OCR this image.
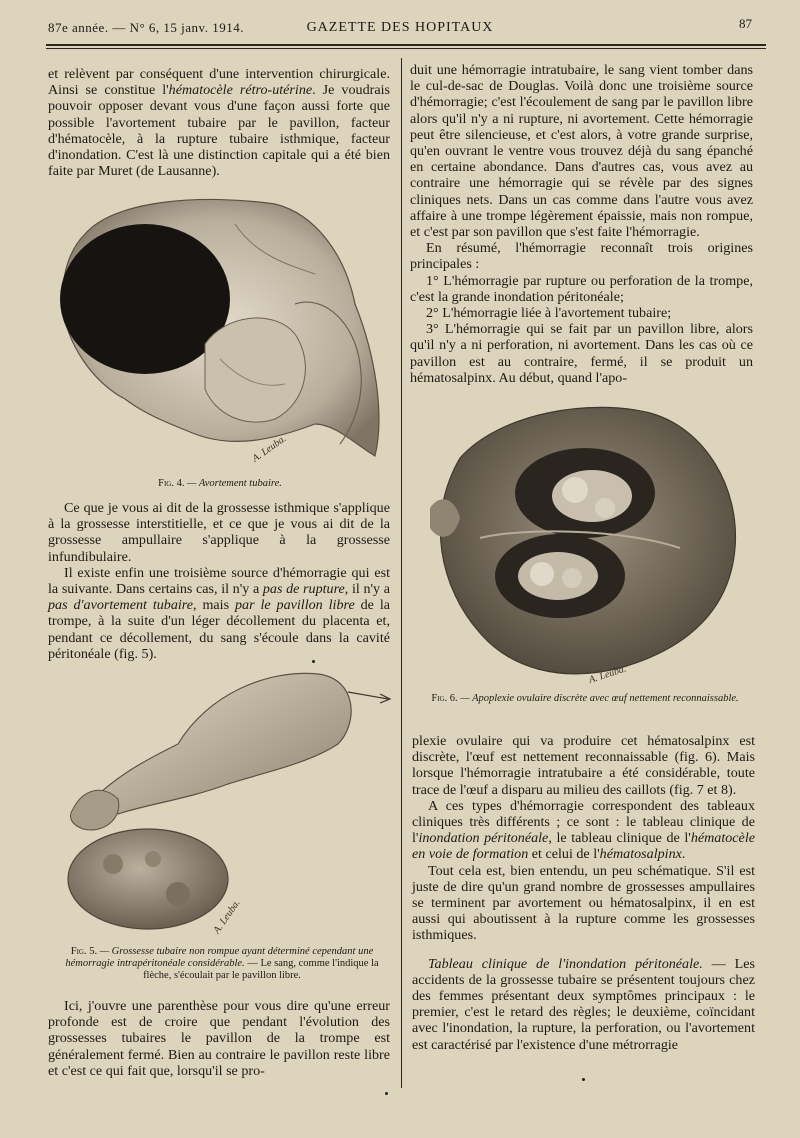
87e année. — N° 6, 15 janv. 1914.	GAZETTE DES HOPITAUX	87

et relèvent par conséquent d'une intervention chirurgicale. Ainsi se constitue l'hématocèle rétro-utérine. Je voudrais pouvoir opposer devant vous d'une façon aussi forte que possible l'avortement tubaire par le pavillon, facteur d'hématocèle, à la rupture tubaire isthmique, facteur d'inondation. C'est là une distinction capitale qui a été bien faite par Muret (de Lausanne).

A. Leuba.
Fig. 4. — Avortement tubaire.

Ce que je vous ai dit de la grossesse isthmique s'applique à la grossesse interstitielle, et ce que je vous ai dit de la grossesse ampullaire s'applique à la grossesse infundibulaire.

Il existe enfin une troisième source d'hémorragie qui est la suivante. Dans certains cas, il n'y a pas de rupture, il n'y a pas d'avortement tubaire, mais par le pavillon libre de la trompe, à la suite d'un léger décollement du placenta et, pendant ce décollement, du sang s'écoule dans la cavité péritonéale (fig. 5).

A. Leuba.
Fig. 5. — Grossesse tubaire non rompue ayant déterminé cependant une hémorragie intrapéritonéale considérable. — Le sang, comme l'indique la flèche, s'écoulait par le pavillon libre.

Ici, j'ouvre une parenthèse pour vous dire qu'une erreur profonde est de croire que pendant l'évolution des grossesses tubaires le pavillon de la trompe est généralement fermé. Bien au contraire le pavillon reste libre et c'est ce qui fait que, lorsqu'il se pro-

duit une hémorragie intratubaire, le sang vient tomber dans le cul-de-sac de Douglas. Voilà donc une troisième source d'hémorragie; c'est l'écoulement de sang par le pavillon libre alors qu'il n'y a ni rupture, ni avortement. Cette hémorragie peut être silencieuse, et c'est alors, à votre grande surprise, qu'en ouvrant le ventre vous trouvez déjà du sang épanché en certaine abondance. Dans d'autres cas, vous avez au contraire une hémorragie qui se révèle par des signes cliniques nets. Dans un cas comme dans l'autre vous avez affaire à une trompe légèrement épaissie, mais non rompue, et c'est par son pavillon que s'est faite l'hémorragie.

En résumé, l'hémorragie reconnaît trois origines principales :

1° L'hémorragie par rupture ou perforation de la trompe, c'est la grande inondation péritonéale;

2° L'hémorragie liée à l'avortement tubaire;

3° L'hémorragie qui se fait par un pavillon libre, alors qu'il n'y a ni perforation, ni avortement. Dans les cas où ce pavillon est au contraire, fermé, il se produit un hématosalpinx. Au début, quand l'apo-

A. Leuba.
Fig. 6. — Apoplexie ovulaire discrète avec œuf nettement reconnaissable.

plexie ovulaire qui va produire cet hématosalpinx est discrète, l'œuf est nettement reconnaissable (fig. 6). Mais lorsque l'hémorragie intratubaire a été considérable, toute trace de l'œuf a disparu au milieu des caillots (fig. 7 et 8).

A ces types d'hémorragie correspondent des tableaux cliniques très différents ; ce sont : le tableau clinique de l'inondation péritonéale, le tableau clinique de l'hématocèle en voie de formation et celui de l'hématosalpinx.

Tout cela est, bien entendu, un peu schématique. S'il est juste de dire qu'un grand nombre de grossesses ampullaires se terminent par avortement ou hématosalpinx, il en est aussi qui aboutissent à la rupture comme les grossesses isthmiques.

Tableau clinique de l'inondation péritonéale. — Les accidents de la grossesse tubaire se présentent toujours chez des femmes présentant deux symptômes principaux : le premier, c'est le retard des règles; le deuxième, coïncidant avec l'inondation, la rupture, la perforation, ou l'avortement est caractérisé par l'existence d'une métrorragie
